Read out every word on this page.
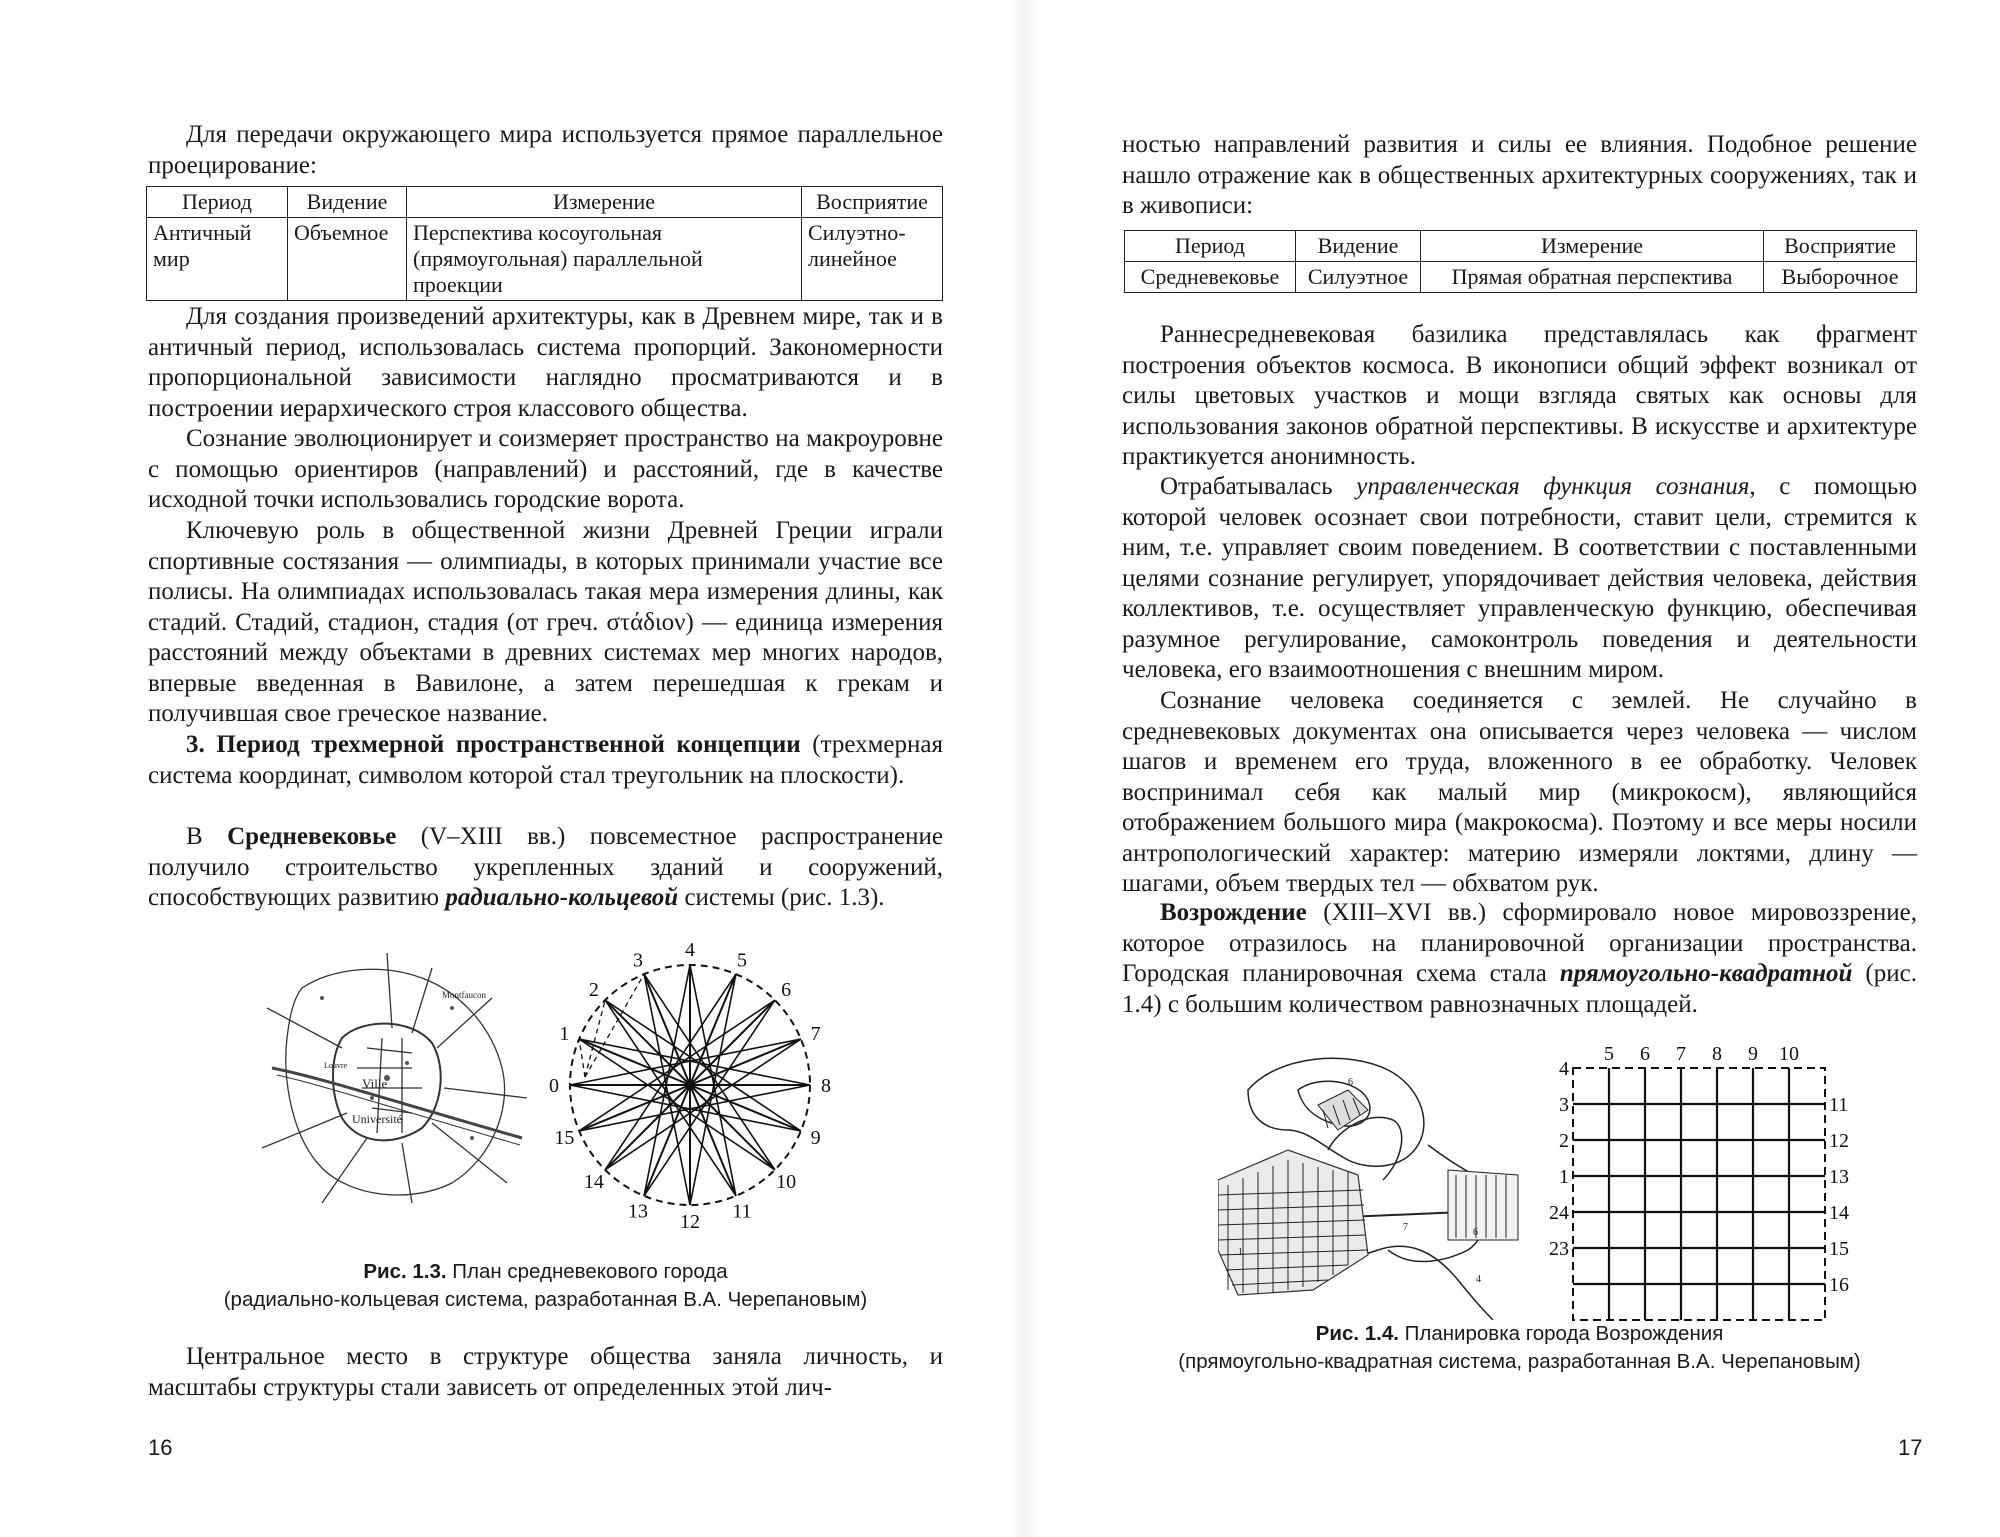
Для передачи окружающего мира используется прямое параллельное проецирование:

Период	Видение	Измерение	Восприятие
Античный мир	Объемное	Перспектива косоугольная (прямоугольная) параллельной проекции	Силуэтно-линейное

Для создания произведений архитектуры, как в Древнем мире, так и в античный период, использовалась система пропорций. Закономерности пропорциональной зависимости наглядно просматриваются и в построении иерархического строя классового общества.

Сознание эволюционирует и соизмеряет пространство на макроуровне с помощью ориентиров (направлений) и расстояний, где в качестве исходной точки использовались городские ворота.

Ключевую роль в общественной жизни Древней Греции играли спортивные состязания — олимпиады, в которых принимали участие все полисы. На олимпиадах использовалась такая мера измерения длины, как стадий. Стадий, стадион, стадия (от греч. στάδιον) — единица измерения расстояний между объектами в древних системах мер многих народов, впервые введенная в Вавилоне, а затем перешедшая к грекам и получившая свое греческое название.

3. Период трехмерной пространственной концепции (трехмерная система координат, символом которой стал треугольник на плоскости).

В Средневековье (V–XIII вв.) повсеместное распространение получило строительство укрепленных зданий и сооружений, способствующих развитию радиально-кольцевой системы (рис. 1.3).

Рис. 1.3. План средневекового города
(радиально-кольцевая система, разработанная В.А. Черепановым)

Центральное место в структуре общества заняла личность, и масштабы структуры стали зависеть от определенных этой лич-

16
Ville
Université
Montfaucon
Louvre
0
1
2
3 4 5
6
7
8
9
10
11
12
13
14
15

ностью направлений развития и силы ее влияния. Подобное решение нашло отражение как в общественных архитектурных сооружениях, так и в живописи:

Период	Видение	Измерение	Восприятие
Средневековье	Силуэтное	Прямая обратная перспектива	Выборочное

Раннесредневековая базилика представлялась как фрагмент построения объектов космоса. В иконописи общий эффект возникал от силы цветовых участков и мощи взгляда святых как основы для использования законов обратной перспективы. В искусстве и архитектуре практикуется анонимность.

Отрабатывалась управленческая функция сознания, с помощью которой человек осознает свои потребности, ставит цели, стремится к ним, т.е. управляет своим поведением. В соответствии с поставленными целями сознание регулирует, упорядочивает действия человека, действия коллективов, т.е. осуществляет управленческую функцию, обеспечивая разумное регулирование, самоконтроль поведения и деятельности человека, его взаимоотношения с внешним миром.

Сознание человека соединяется с землей. Не случайно в средневековых документах она описывается через человека — числом шагов и временем его труда, вложенного в ее обработку. Человек воспринимал себя как малый мир (микрокосм), являющийся отображением большого мира (макрокосма). Поэтому и все меры носили антропологический характер: материю измеряли локтями, длину — шагами, объем твердых тел — обхватом рук.

Возрождение (XIII–XVI вв.) сформировало новое мировоззрение, которое отразилось на планировочной организации пространства. Городская планировочная схема стала прямоугольно-квадратной (рис. 1.4) с большим количеством равнозначных площадей.

Рис. 1.4. Планировка города Возрождения
(прямоугольно-квадратная система, разработанная В.А. Черепановым)
17
6
7	6
4
1
5 6 7 8 9 10
4
3
2
1
24
23
11
12
13
14
15
16
